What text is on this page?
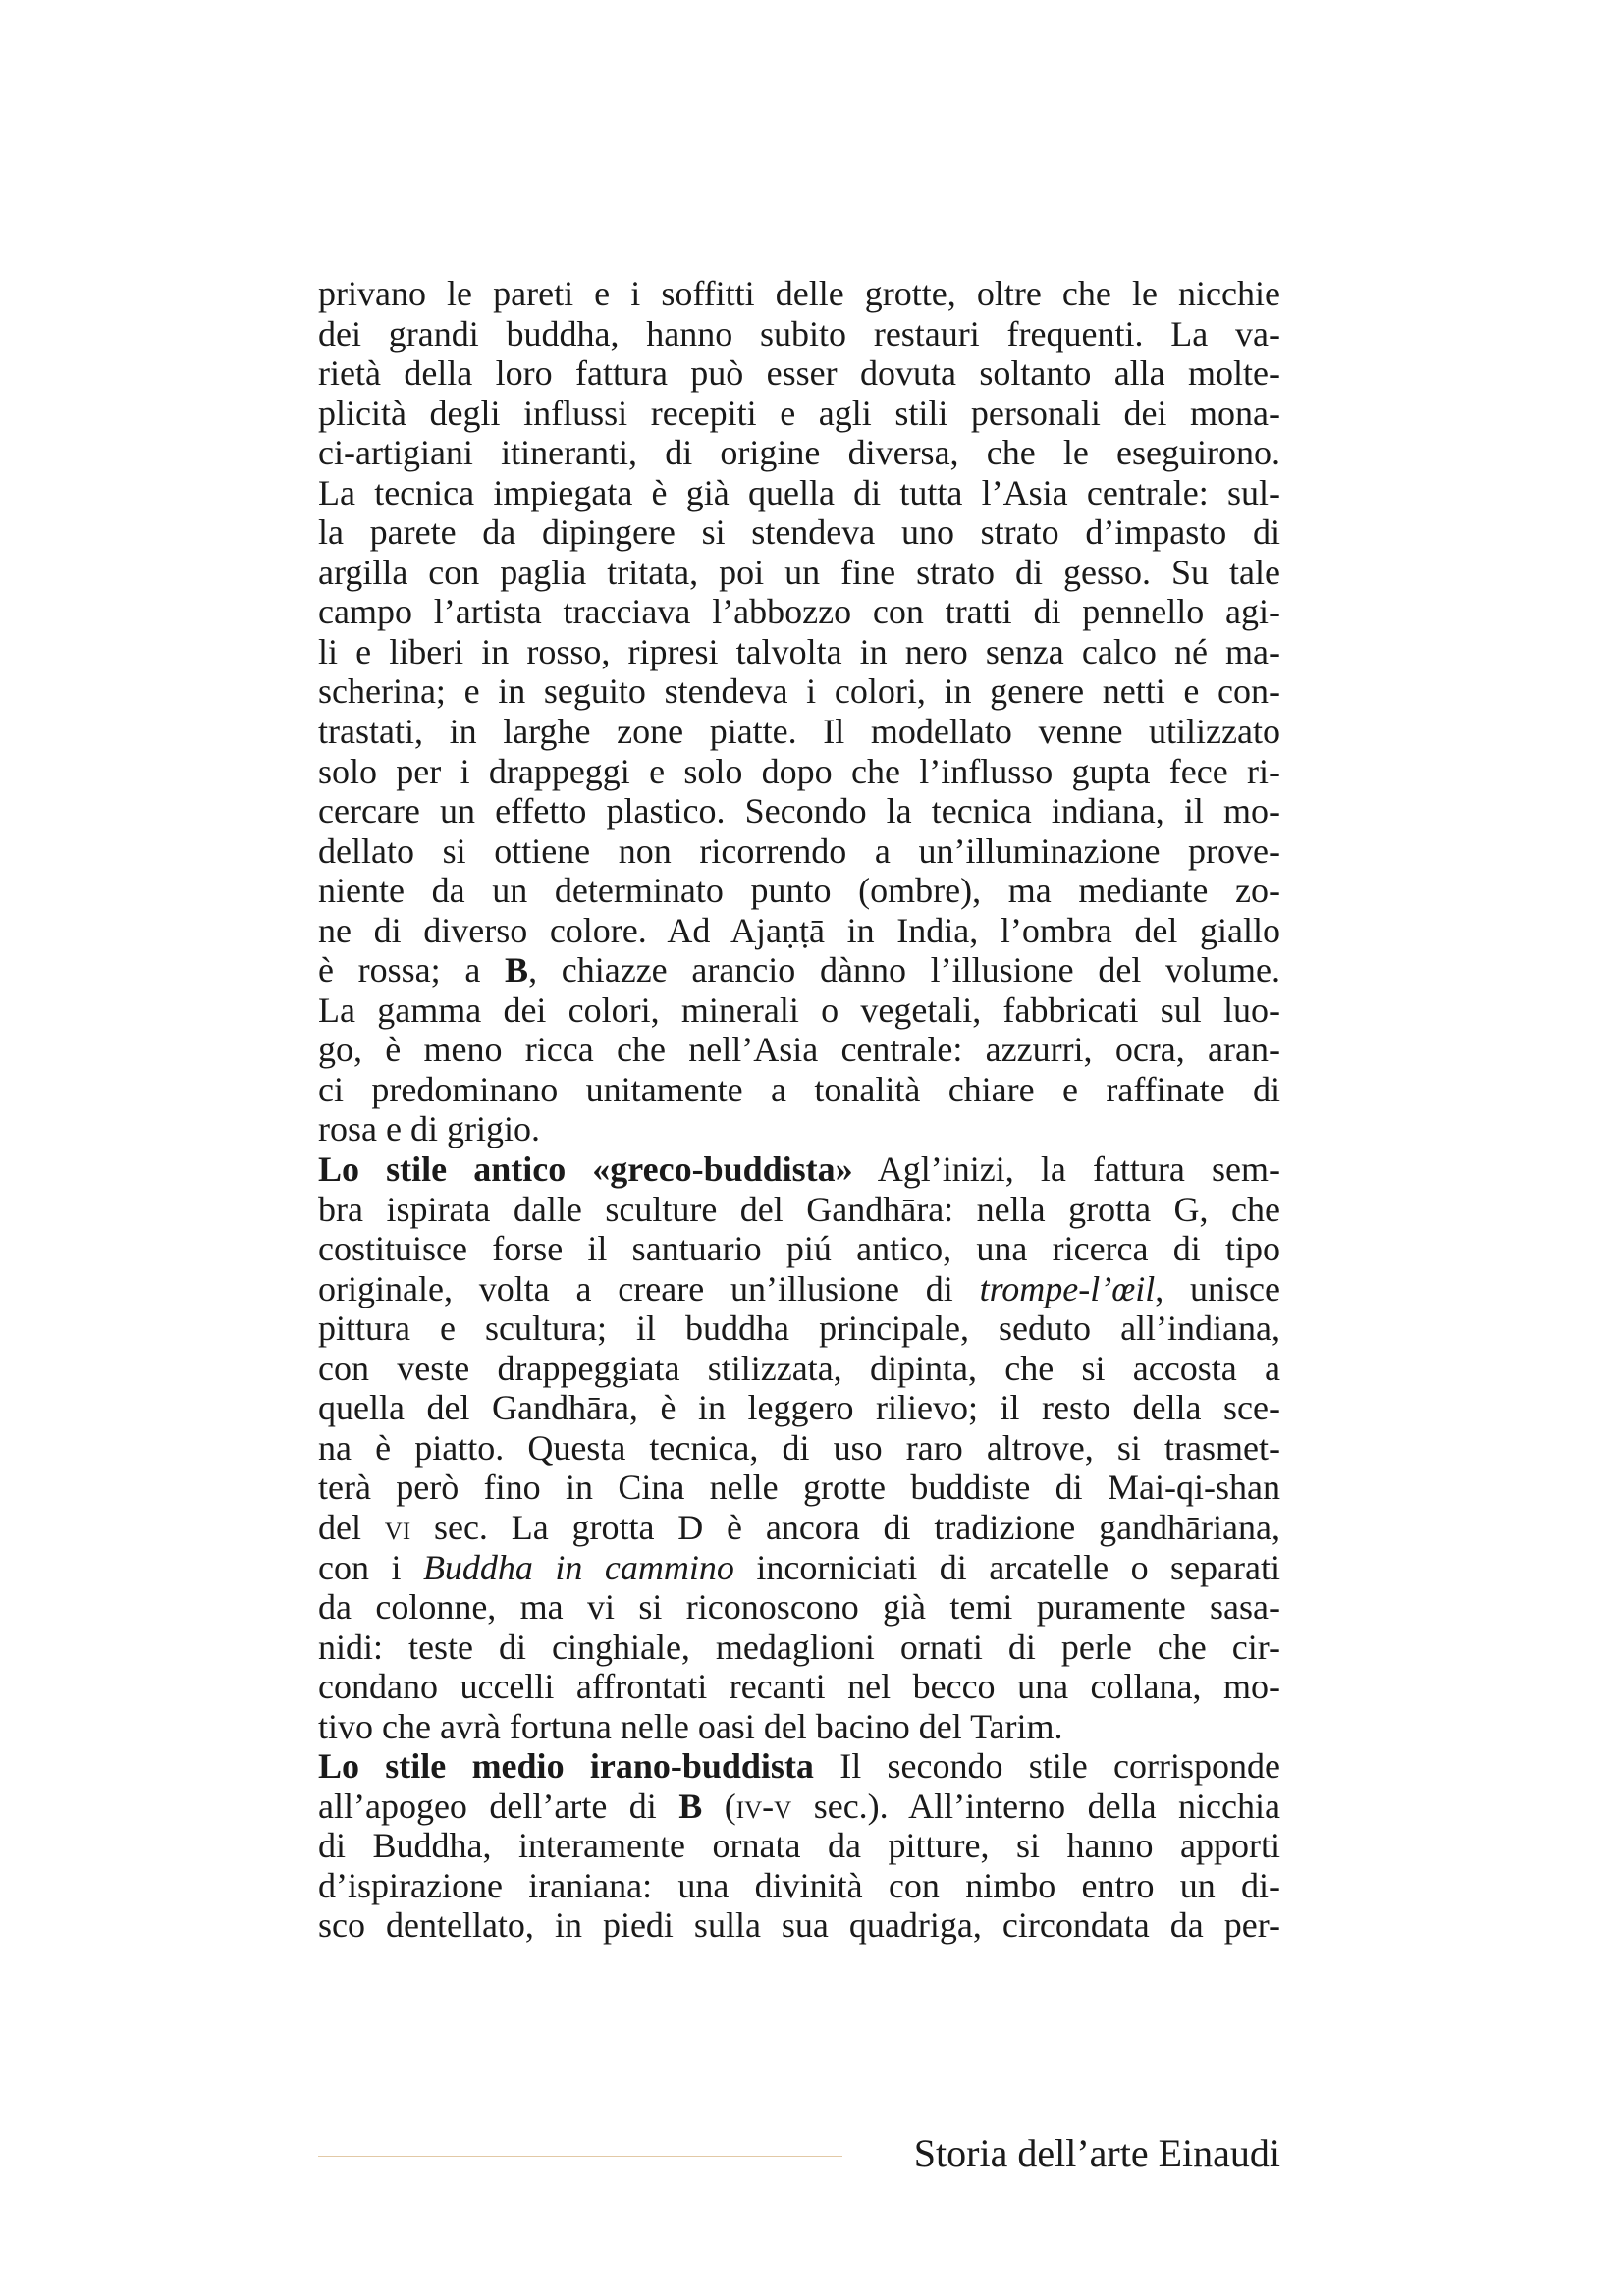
privano le pareti e i soffitti delle grotte, oltre che le nicchie
dei grandi buddha, hanno subito restauri frequenti. La va-
rietà della loro fattura può esser dovuta soltanto alla molte-
plicità degli influssi recepiti e agli stili personali dei mona-
ci-artigiani itineranti, di origine diversa, che le eseguirono.
La tecnica impiegata è già quella di tutta l’Asia centrale: sul-
la parete da dipingere si stendeva uno strato d’impasto di
argilla con paglia tritata, poi un fine strato di gesso. Su tale
campo l’artista tracciava l’abbozzo con tratti di pennello agi-
li e liberi in rosso, ripresi talvolta in nero senza calco né ma-
scherina; e in seguito stendeva i colori, in genere netti e con-
trastati, in larghe zone piatte. Il modellato venne utilizzato
solo per i drappeggi e solo dopo che l’influsso gupta fece ri-
cercare un effetto plastico. Secondo la tecnica indiana, il mo-
dellato si ottiene non ricorrendo a un’illuminazione prove-
niente da un determinato punto (ombre), ma mediante zo-
ne di diverso colore. Ad Ajaṇṭā in India, l’ombra del giallo
è rossa; a B, chiazze arancio dànno l’illusione del volume.
La gamma dei colori, minerali o vegetali, fabbricati sul luo-
go, è meno ricca che nell’Asia centrale: azzurri, ocra, aran-
ci predominano unitamente a tonalità chiare e raffinate di
rosa e di grigio.
Lo stile antico «greco-buddista» Agl’inizi, la fattura sem-
bra ispirata dalle sculture del Gandhāra: nella grotta G, che
costituisce forse il santuario piú antico, una ricerca di tipo
originale, volta a creare un’illusione di trompe-l’œil, unisce
pittura e scultura; il buddha principale, seduto all’indiana,
con veste drappeggiata stilizzata, dipinta, che si accosta a
quella del Gandhāra, è in leggero rilievo; il resto della sce-
na è piatto. Questa tecnica, di uso raro altrove, si trasmet-
terà però fino in Cina nelle grotte buddiste di Mai-qi-shan
del vi sec. La grotta D è ancora di tradizione gandhāriana,
con i Buddha in cammino incorniciati di arcatelle o separati
da colonne, ma vi si riconoscono già temi puramente sasa-
nidi: teste di cinghiale, medaglioni ornati di perle che cir-
condano uccelli affrontati recanti nel becco una collana, mo-
tivo che avrà fortuna nelle oasi del bacino del Tarim.
Lo stile medio irano-buddista Il secondo stile corrisponde
all’apogeo dell’arte di B (iv-v sec.). All’interno della nicchia
di Buddha, interamente ornata da pitture, si hanno apporti
d’ispirazione iraniana: una divinità con nimbo entro un di-
sco dentellato, in piedi sulla sua quadriga, circondata da per-
Storia dell’arte Einaudi
